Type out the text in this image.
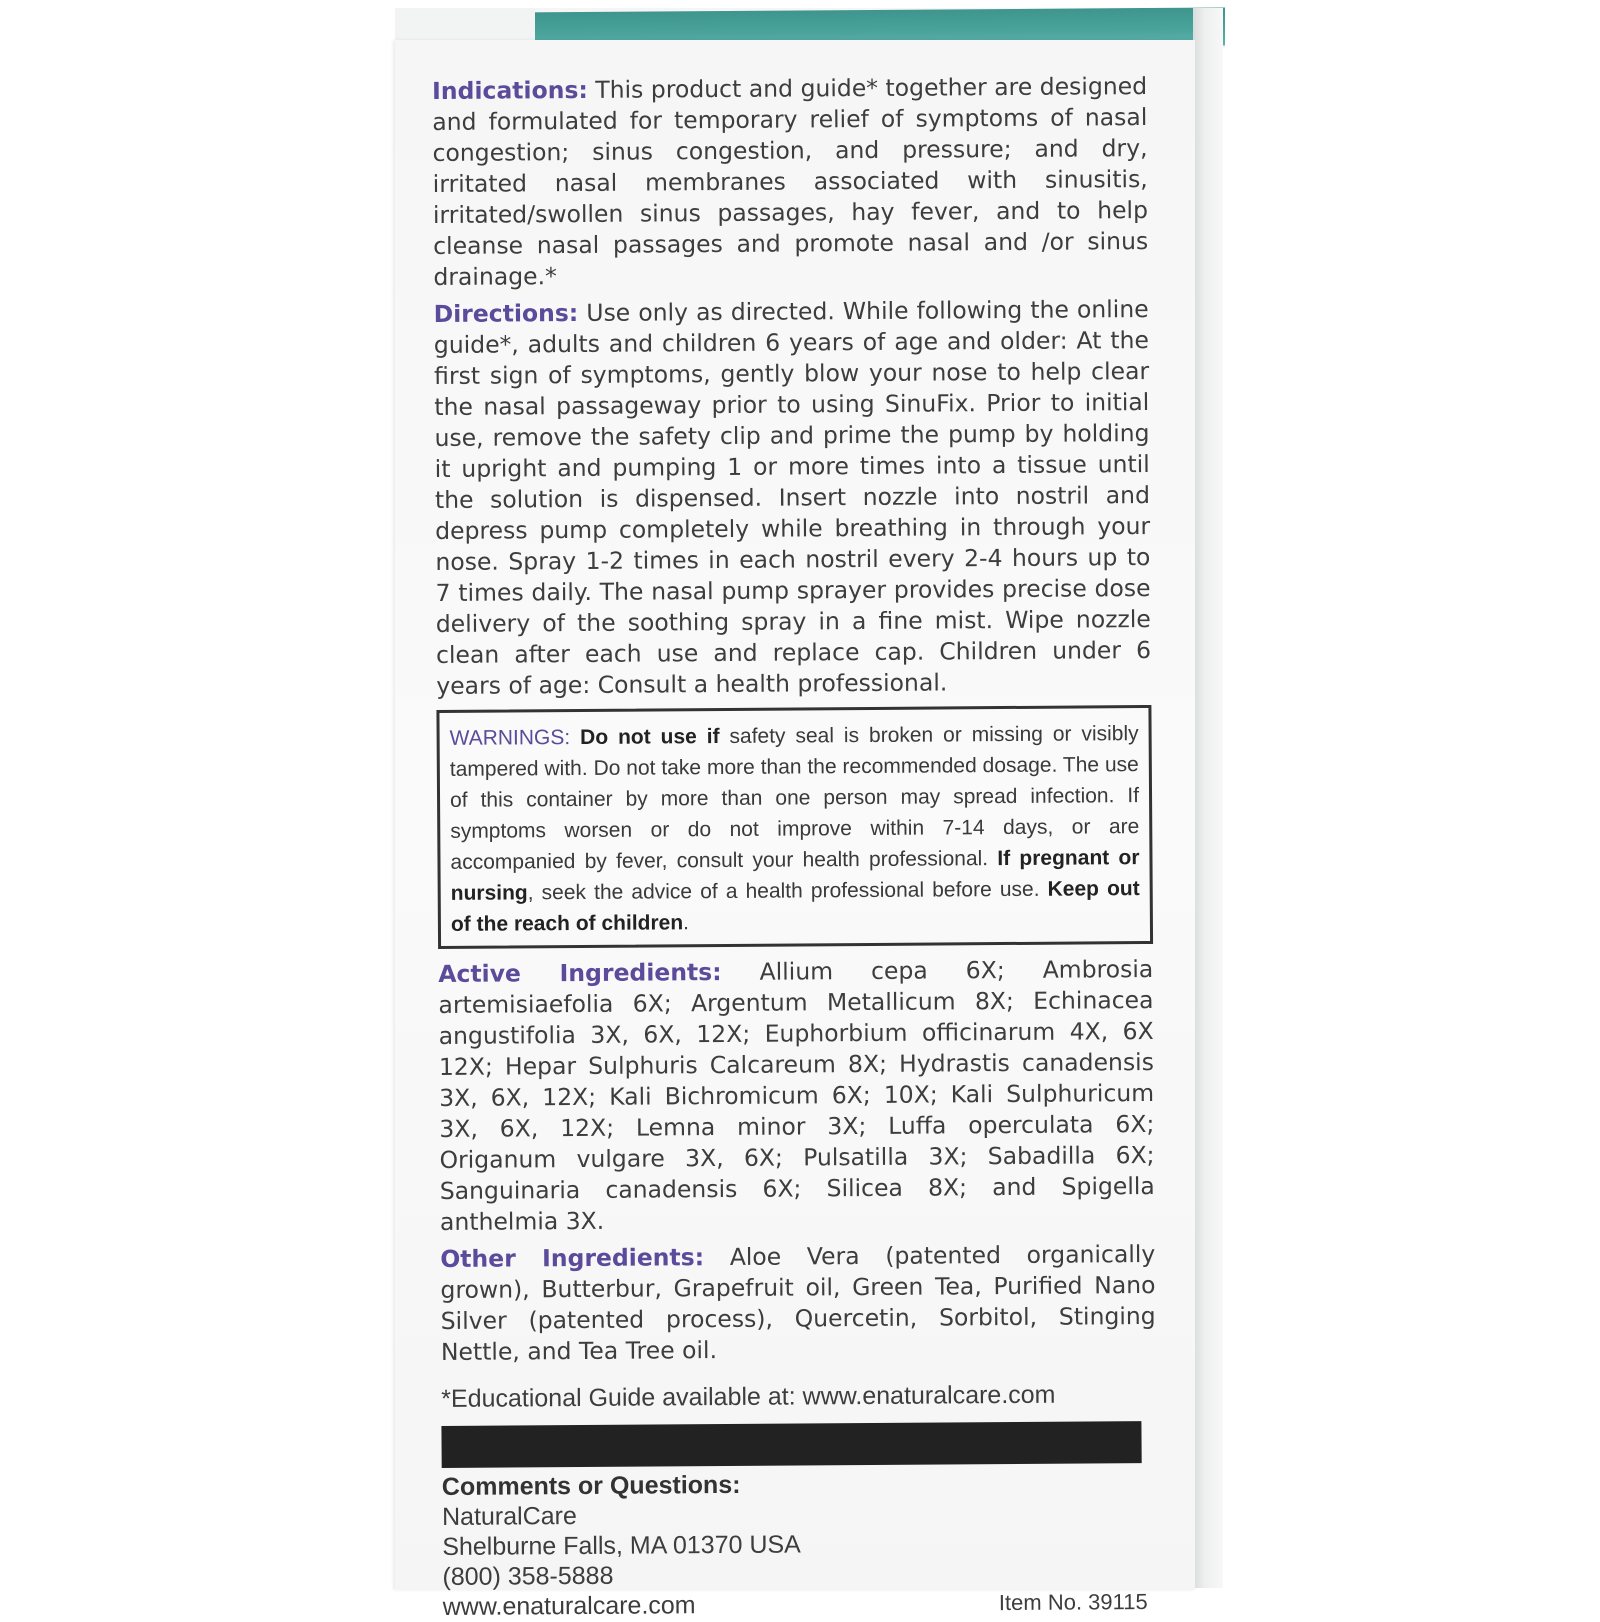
Indications: This product and guide* together are designed and formulated for temporary relief of symptoms of nasal congestion; sinus congestion, and pressure; and dry, irritated nasal membranes associated with sinusitis, irritated/swollen sinus passages, hay fever, and to help cleanse nasal passages and promote nasal and /or sinus drainage.*

Directions: Use only as directed. While following the online guide*, adults and children 6 years of age and older: At the first sign of symptoms, gently blow your nose to help clear the nasal passageway prior to using SinuFix. Prior to initial use, remove the safety clip and prime the pump by holding it upright and pumping 1 or more times into a tissue until the solution is dispensed. Insert nozzle into nostril and depress pump completely while breathing in through your nose. Spray 1-2 times in each nostril every 2-4 hours up to 7 times daily. The nasal pump sprayer provides precise dose delivery of the soothing spray in a fine mist. Wipe nozzle clean after each use and replace cap. Children under 6 years of age: Consult a health professional.

WARNINGS: Do not use if safety seal is broken or missing or visibly tampered with. Do not take more than the recommended dosage. The use of this container by more than one person may spread infection. If symptoms worsen or do not improve within 7-14 days, or are accompanied by fever, consult your health professional. If pregnant or nursing, seek the advice of a health professional before use. Keep out of the reach of children.

Active Ingredients: Allium cepa 6X; Ambrosia artemisiaefolia 6X; Argentum Metallicum 8X; Echinacea angustifolia 3X, 6X, 12X; Euphorbium officinarum 4X, 6X 12X; Hepar Sulphuris Calcareum 8X; Hydrastis canadensis 3X, 6X, 12X; Kali Bichromicum 6X; 10X; Kali Sulphuricum 3X, 6X, 12X; Lemna minor 3X; Luffa operculata 6X; Origanum vulgare 3X, 6X; Pulsatilla 3X; Sabadilla 6X; Sanguinaria canadensis 6X; Silicea 8X; and Spigella anthelmia 3X.

Other Ingredients: Aloe Vera (patented organically grown), Butterbur, Grapefruit oil, Green Tea, Purified Nano Silver (patented process), Quercetin, Sorbitol, Stinging Nettle, and Tea Tree oil.

*Educational Guide available at: www.enaturalcare.com
Comments or Questions:
NaturalCare
Shelburne Falls, MA 01370 USA
(800) 358-5888
www.enaturalcare.com	Item No. 39115
